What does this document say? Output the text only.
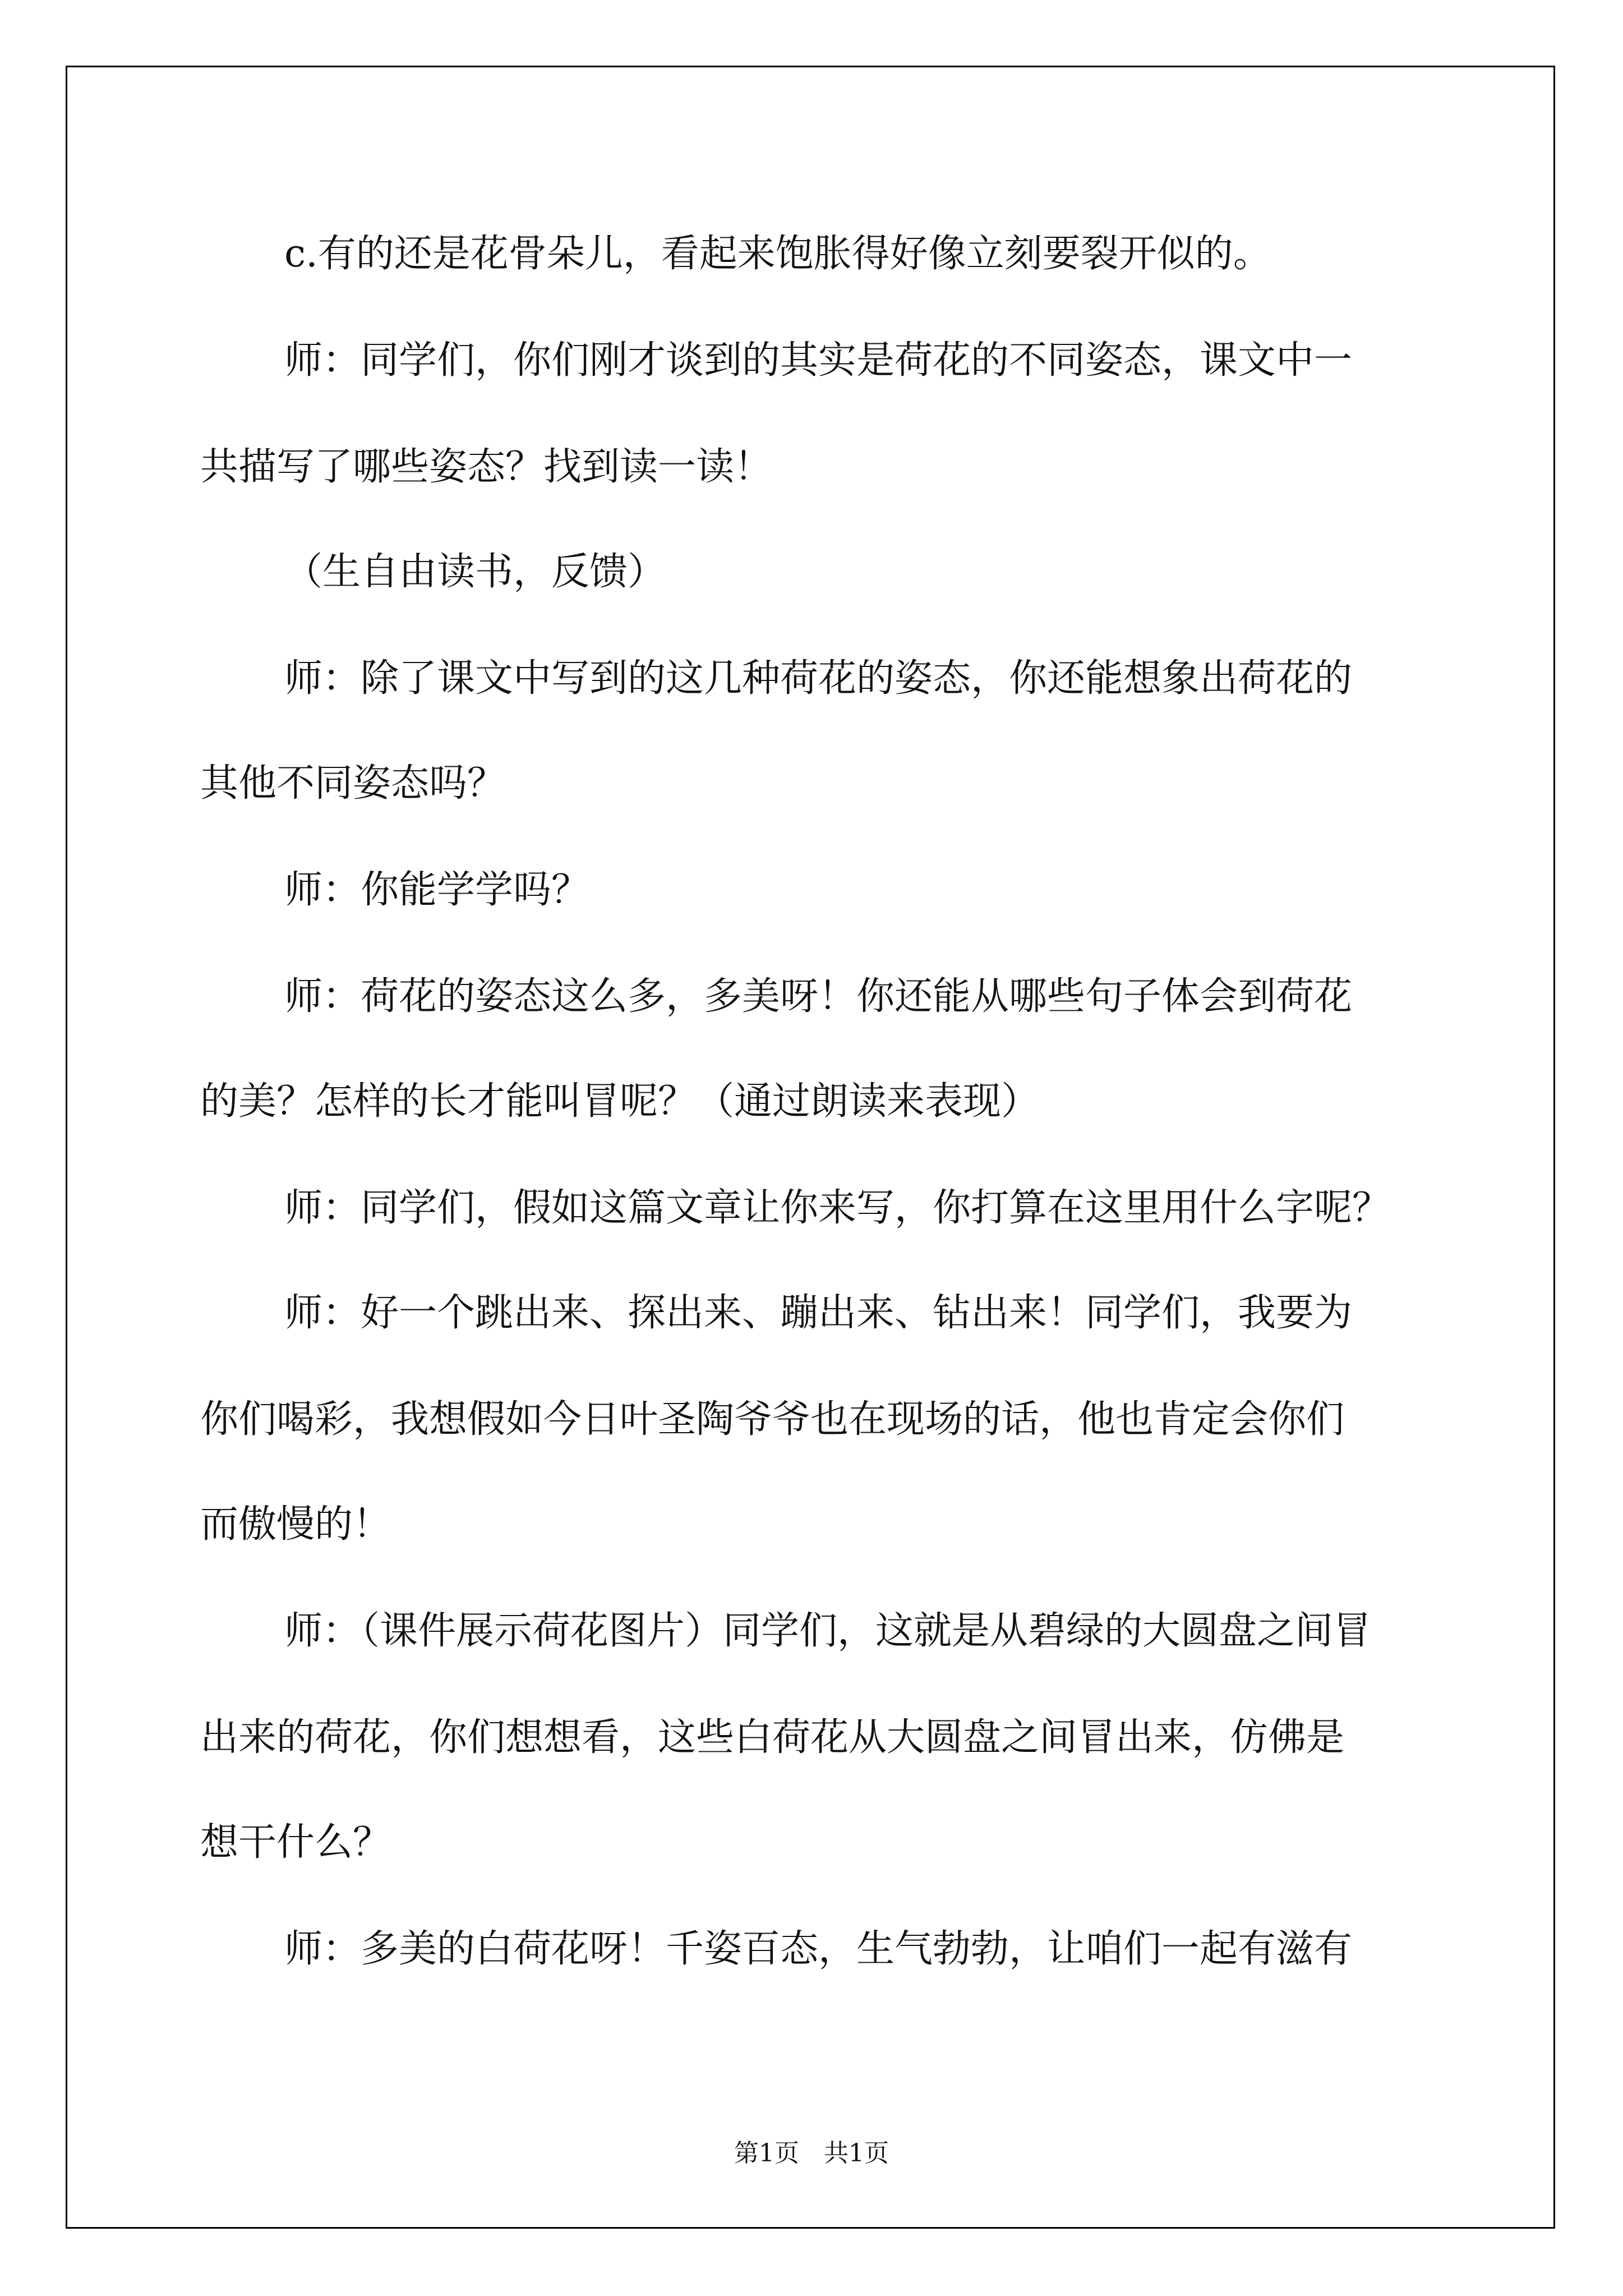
c.有的还是花骨朵儿，看起来饱胀得好像立刻要裂开似的。
师：同学们，你们刚才谈到的其实是荷花的不同姿态，课文中一
共描写了哪些姿态？找到读一读！
（生自由读书，反馈）
师：除了课文中写到的这几种荷花的姿态，你还能想象出荷花的
其他不同姿态吗？
师：你能学学吗？
师：荷花的姿态这么多，多美呀！你还能从哪些句子体会到荷花
的美？怎样的长才能叫冒呢？（通过朗读来表现）
师：同学们，假如这篇文章让你来写，你打算在这里用什么字呢？
师：好一个跳出来、探出来、蹦出来、钻出来！同学们，我要为
你们喝彩，我想假如今日叶圣陶爷爷也在现场的话，他也肯定会你们
而傲慢的！
师：（课件展示荷花图片）同学们，这就是从碧绿的大圆盘之间冒
出来的荷花，你们想想看，这些白荷花从大圆盘之间冒出来，仿佛是
想干什么？
师：多美的白荷花呀！千姿百态，生气勃勃，让咱们一起有滋有
第1页　共1页
